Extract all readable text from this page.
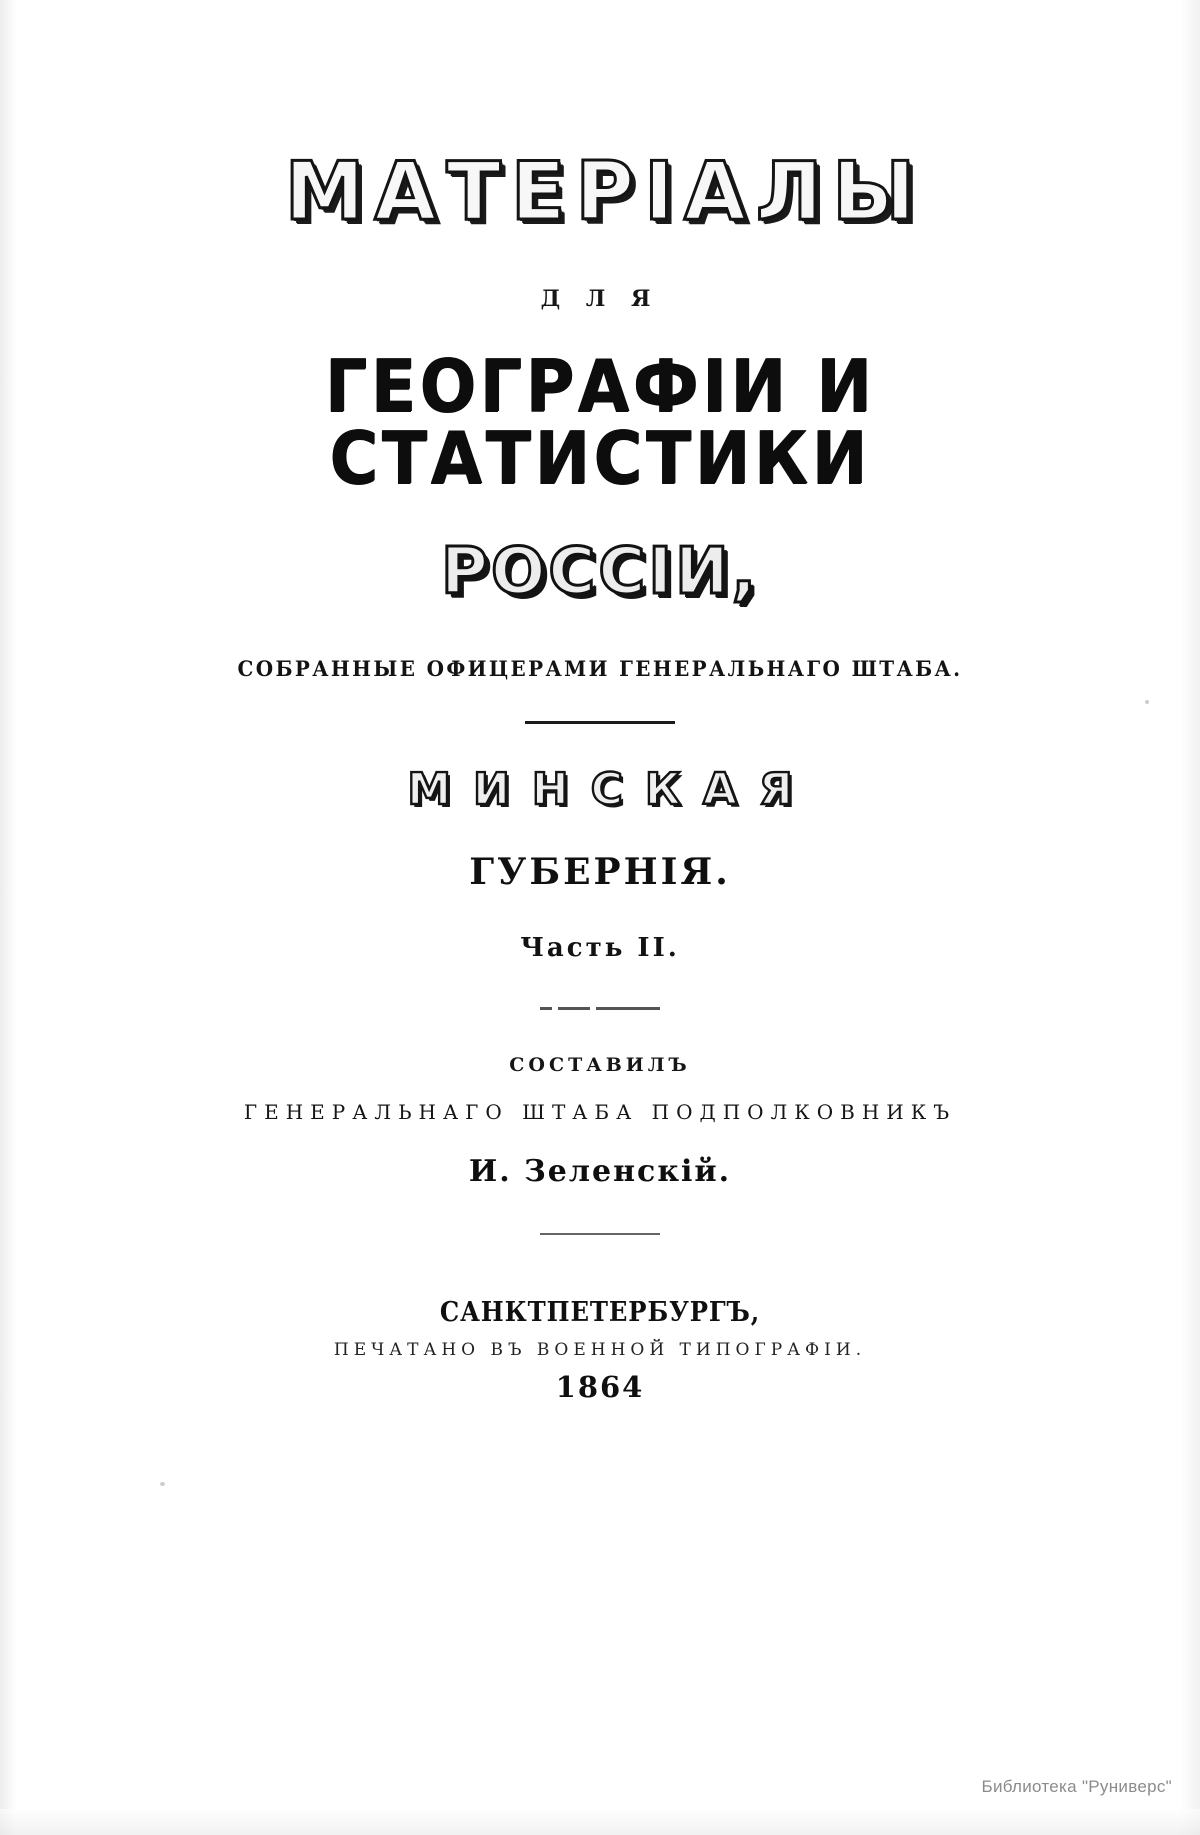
МАТЕРІАЛЫ
Д Л Я
ГЕОГРАФІИ И СТАТИСТИКИ
РОССІИ,
СОБРАННЫЕ ОФИЦЕРАМИ ГЕНЕРАЛЬНАГО ШТАБА.
МИНСКАЯ
ГУБЕРНІЯ.
Часть II.
СОСТАВИЛЪ
ГЕНЕРАЛЬНАГО ШТАБА ПОДПОЛКОВНИКЪ
И. Зеленскій.
САНКТПЕТЕРБУРГЪ,
ПЕЧАТАНО ВЪ ВОЕННОЙ ТИПОГРАФІИ.
1864
Библиотека "Руниверс"
